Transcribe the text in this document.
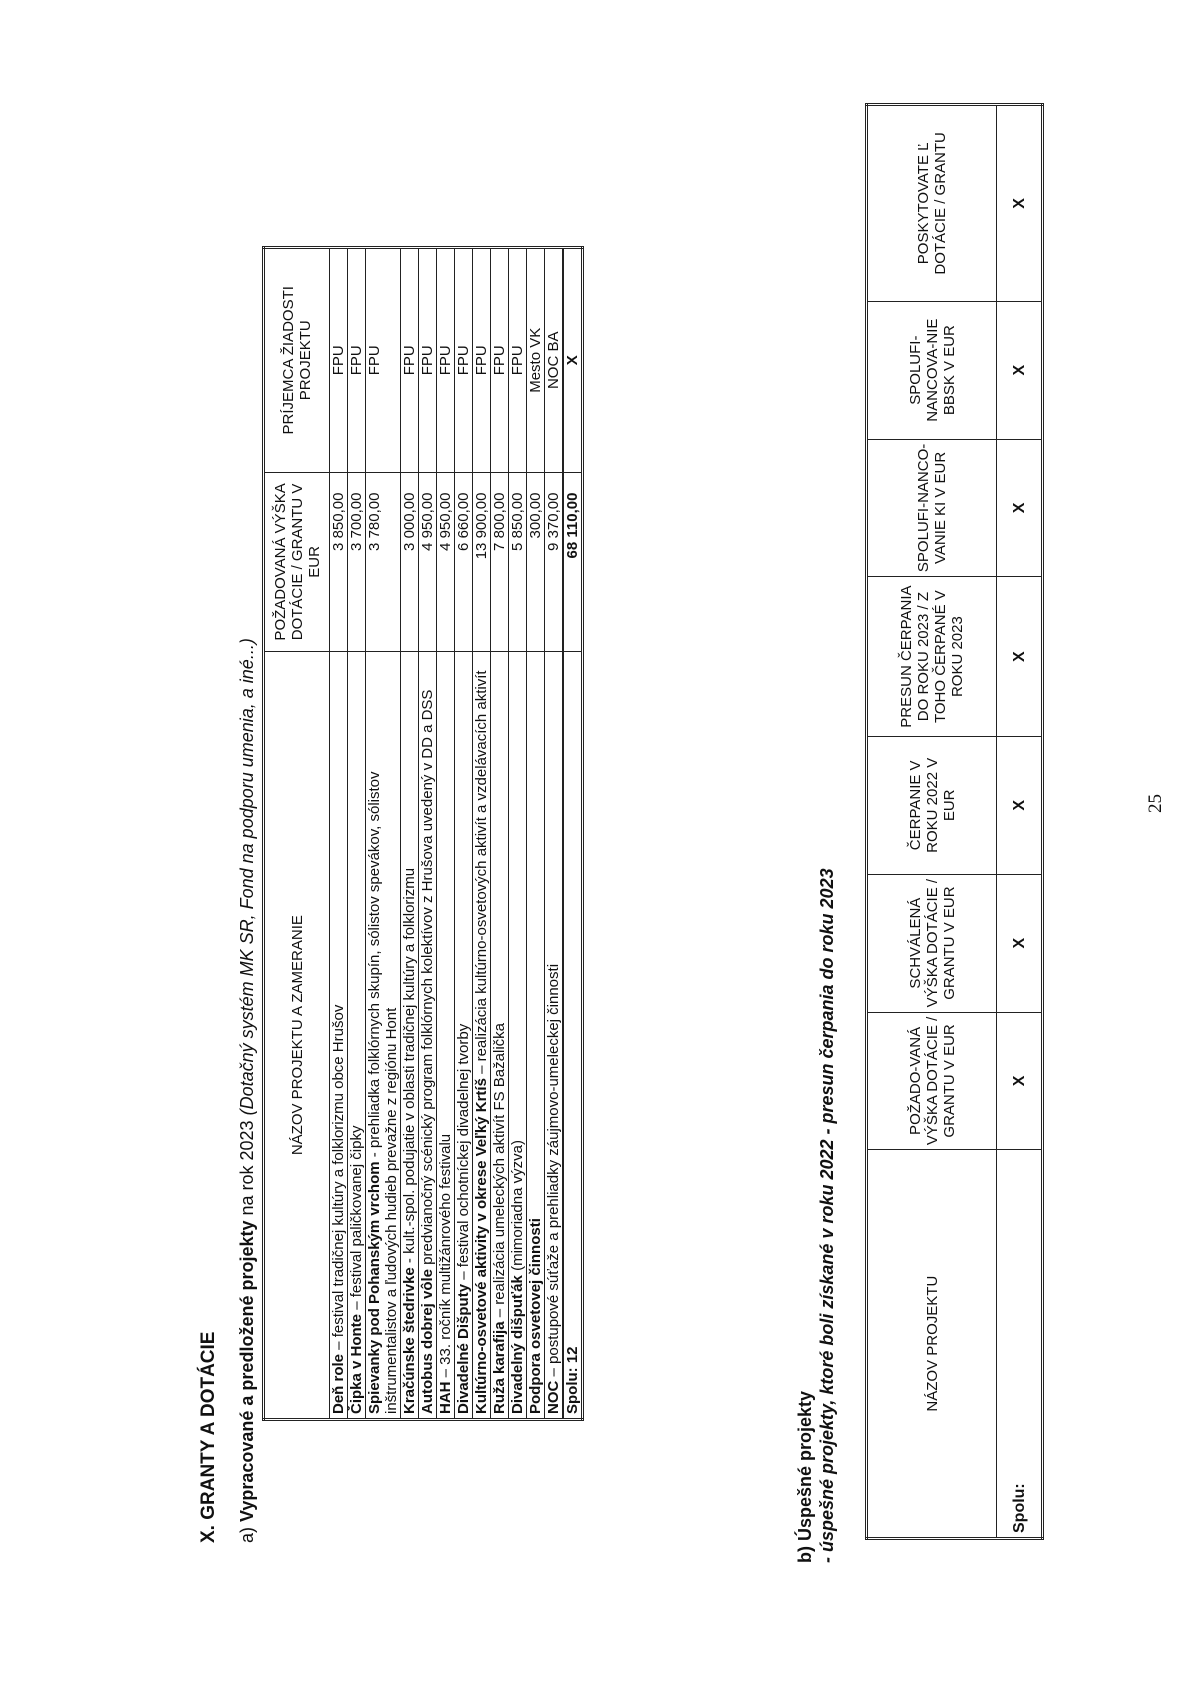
X. GRANTY A DOTÁCIE a) Vypracované a predložené projekty na rok 2023 (Dotačný systém MK SR, Fond na podporu umenia, a iné...) NÁZOV PROJEKTU A ZAMERANIE	POŽADOVANÁ VÝŠKA DOTÁCIE / GRANTU V EUR	PRÍJEMCA ŽIADOSTI PROJEKTU
Deň role – festival tradičnej kultúry a folklorizmu obce Hrušov	3 850,00	FPU
Čipka v Honte – festival paličkovanej čipky	3 700,00	FPU
Spievanky pod Pohanským vrchom - prehliadka folklórnych skupín, sólistov spevákov, sólistov inštrumentalistov a ľudových hudieb prevažne z regiónu Hont	3 780,00	FPU
Kračúnske štedrivke - kult.-spol. podujatie v oblasti tradičnej kultúry a folklorizmu	3 000,00	FPU
Autobus dobrej vôle predvianočný scénický program folklórnych kolektívov z Hrušova uvedený v DD a DSS	4 950,00	FPU
HAH – 33. ročník multižánrového festivalu	4 950,00	FPU
Divadelné Dišputy – festival ochotníckej divadelnej tvorby	6 660,00	FPU
Kultúrno-osvetové aktivity v okrese Veľký Krtíš – realizácia kultúrno-osvetových aktivít a vzdelávacích aktivít	13 900,00	FPU
Ruža karafija – realizácia umeleckých aktivít FS Bažalička	7 800,00	FPU
Divadelný dišpuťák (mimoriadna výzva)	5 850,00	FPU
Podpora osvetovej činnosti	300,00	Mesto VK
NOC – postupové súťaže a prehliadky záujmovo-umeleckej činnosti	9 370,00	NOC BA
Spolu: 12	68 110,00	X
b) Úspešné projekty - úspešné projekty, ktoré boli získané v roku 2022 - presun čerpania do roku 2023	NÁZOV PROJEKTU	POŽADO-VANÁ VÝŠKA DOTÁCIE / GRANTU V EUR	SCHVÁLENÁ VÝŠKA DOTÁCIE / GRANTU V EUR	ČERPANIE V ROKU 2022 V EUR	PRESUN ČERPANIA DO ROKU 2023 / Z TOHO ČERPANÉ V ROKU 2023	SPOLUFI-NANCO-VANIE KI V EUR	SPOLUFI-NANCOVA-NIE BBSK V EUR	POSKYTOVATE Ľ DOTÁCIE / GRANTU
Spolu:	X	X	X	X	X	X	X
25
